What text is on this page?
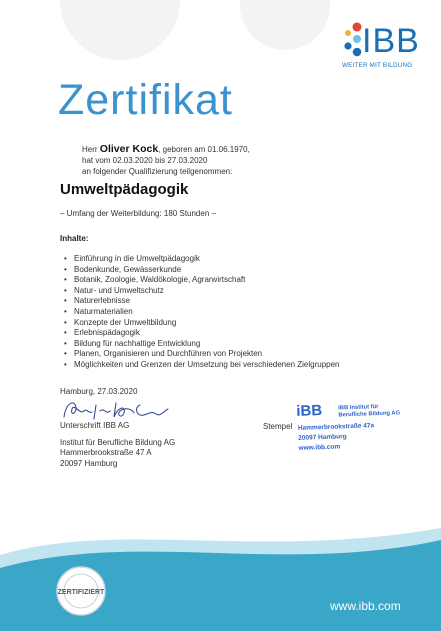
IBB
WEITER MIT BILDUNG
Zertifikat
Herr Oliver Kock, geboren am 01.06.1970,
hat vom 02.03.2020 bis 27.03.2020
an folgender Qualifizierung teilgenommen:
Umweltpädagogik
– Umfang der Weiterbildung: 180 Stunden –
Inhalte:
• Einführung in die Umweltpädagogik
• Bodenkunde, Gewässerkunde
• Botanik, Zoologie, Waldökologie, Agrarwirtschaft
• Natur- und Umweltschutz
• Naturerlebnisse
• Naturmaterialien
• Konzepte der Umweltbildung
• Erlebnispädagogik
• Bildung für nachhaltige Entwicklung
• Planen, Organisieren und Durchführen von Projekten
• Möglichkeiten und Grenzen der Umsetzung bei verschiedenen Zielgruppen
Hamburg, 27.03.2020
Unterschrift IBB AG
Institut für Berufliche Bildung AG
Hammerbrookstraße 47 A
20097 Hamburg
Stempel
iBB	IBB Institut für
Berufliche Bildung AG
Hammerbrookstraße 47a
20097 Hamburg
www.ibb.com
ZERTIFIZIERT
www.ibb.com
